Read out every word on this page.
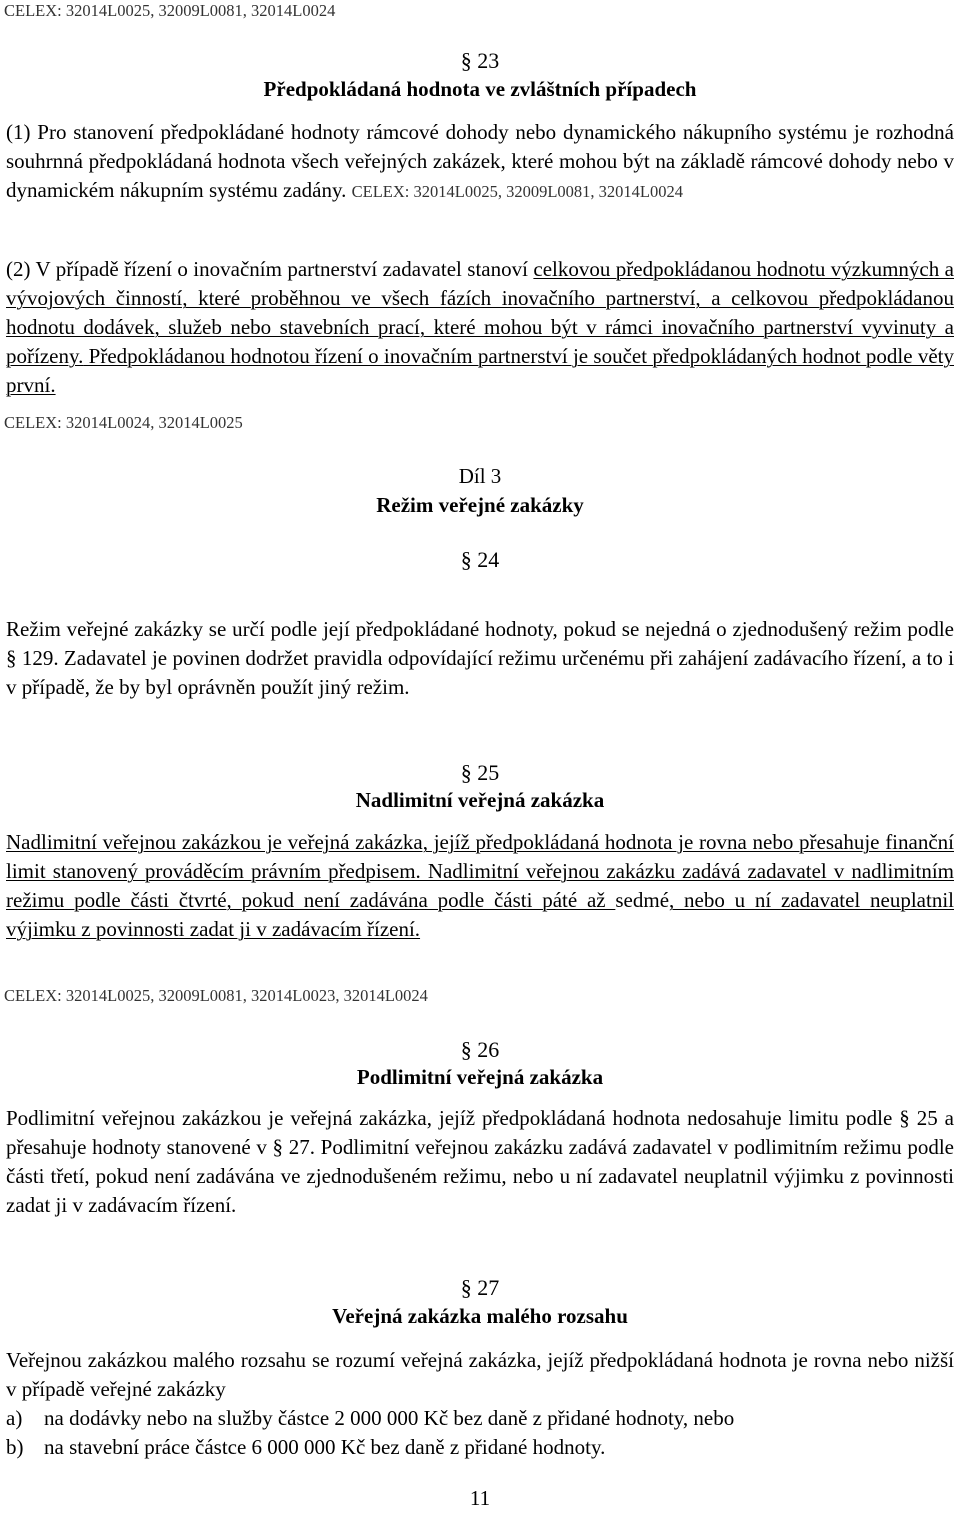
CELEX: 32014L0025, 32009L0081, 32014L0024
§ 23
Předpokládaná hodnota ve zvláštních případech
(1) Pro stanovení předpokládané hodnoty rámcové dohody nebo dynamického nákupního systému je rozhodná souhrnná předpokládaná hodnota všech veřejných zakázek, které mohou být na základě rámcové dohody nebo v dynamickém nákupním systému zadány. CELEX: 32014L0025, 32009L0081, 32014L0024
(2) V případě řízení o inovačním partnerství zadavatel stanoví celkovou předpokládanou hodnotu výzkumných a vývojových činností, které proběhnou ve všech fázích inovačního partnerství, a celkovou předpokládanou hodnotu dodávek, služeb nebo stavebních prací, které mohou být v rámci inovačního partnerství vyvinuty a pořízeny. Předpokládanou hodnotou řízení o inovačním partnerství je součet předpokládaných hodnot podle věty první.
CELEX: 32014L0024, 32014L0025
Díl 3
Režim veřejné zakázky
§ 24
Režim veřejné zakázky se určí podle její předpokládané hodnoty, pokud se nejedná o zjednodušený režim podle § 129. Zadavatel je povinen dodržet pravidla odpovídající režimu určenému při zahájení zadávacího řízení, a to i v případě, že by byl oprávněn použít jiný režim.
§ 25
Nadlimitní veřejná zakázka
Nadlimitní veřejnou zakázkou je veřejná zakázka, jejíž předpokládaná hodnota je rovna nebo přesahuje finanční limit stanovený prováděcím právním předpisem. Nadlimitní veřejnou zakázku zadává zadavatel v nadlimitním režimu podle části čtvrté, pokud není zadávána podle části páté až sedmé, nebo u ní zadavatel neuplatnil výjimku z povinnosti zadat ji v zadávacím řízení.
CELEX: 32014L0025, 32009L0081, 32014L0023, 32014L0024
§ 26
Podlimitní veřejná zakázka
Podlimitní veřejnou zakázkou je veřejná zakázka, jejíž předpokládaná hodnota nedosahuje limitu podle § 25 a přesahuje hodnoty stanovené v § 27. Podlimitní veřejnou zakázku zadává zadavatel v podlimitním režimu podle části třetí, pokud není zadávána ve zjednodušeném režimu, nebo u ní zadavatel neuplatnil výjimku z povinnosti zadat ji v zadávacím řízení.
§ 27
Veřejná zakázka malého rozsahu
Veřejnou zakázkou malého rozsahu se rozumí veřejná zakázka, jejíž předpokládaná hodnota je rovna nebo nižší v případě veřejné zakázky
a)	na dodávky nebo na služby částce 2 000 000 Kč bez daně z přidané hodnoty, nebo
b) na stavební práce částce 6 000 000 Kč bez daně z přidané hodnoty.
11
